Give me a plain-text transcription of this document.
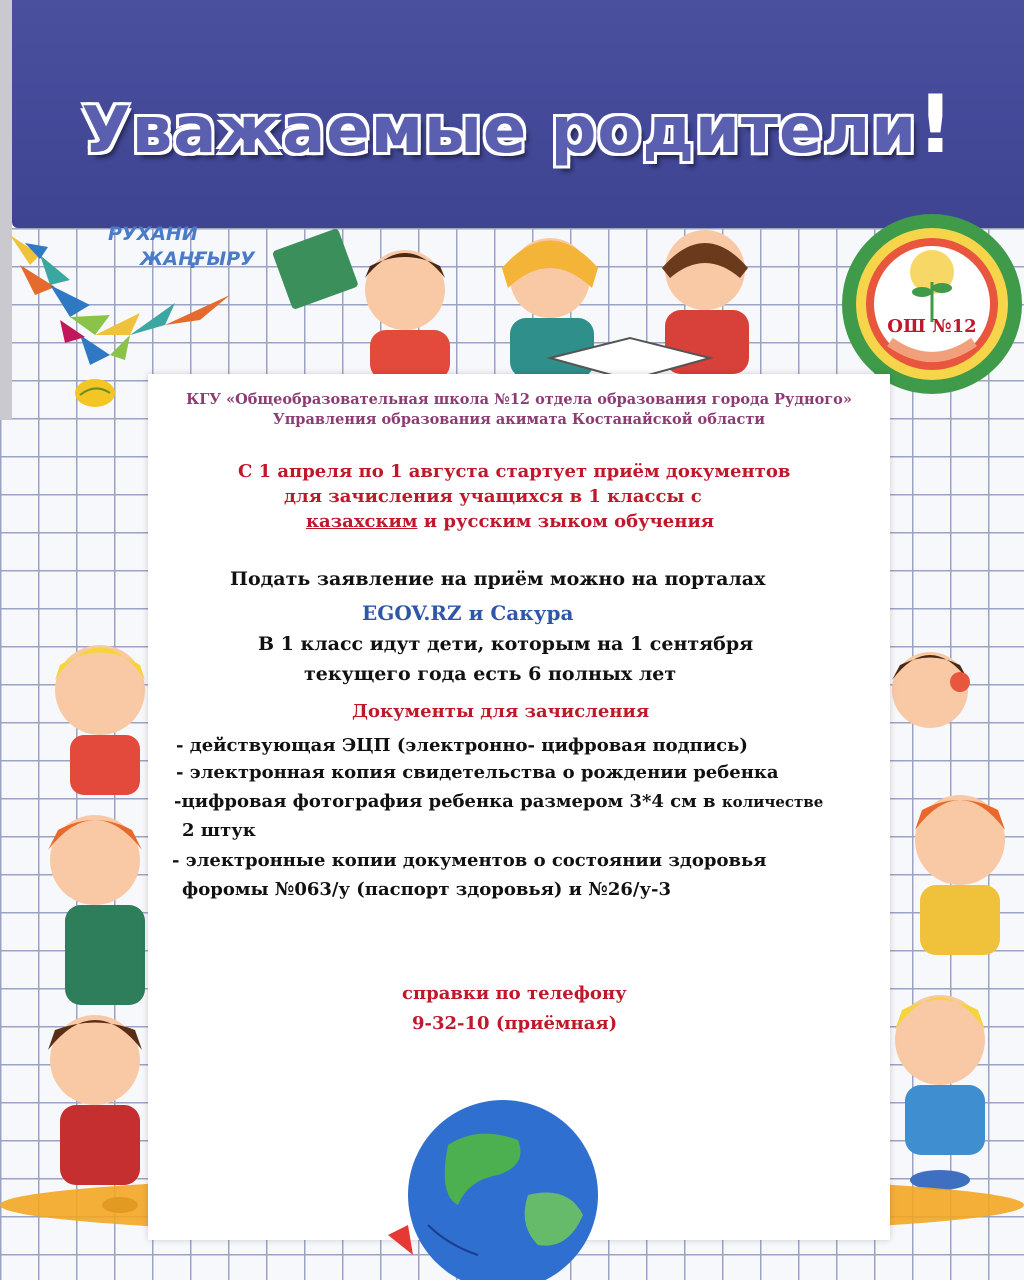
Уважаемые родители!
РУХАНИ
ЖАҢҒЫРУ
ОШ №12
КГУ «Общеобразовательная школа №12 отдела образования города Рудного»
Управления образования акимата Костанайской области
С 1 апреля по 1 августа стартует приём документов
для зачисления учащихся в 1 классы с
казахским и русским зыком обучения
Подать заявление на приём можно на порталах
EGOV.RZ и Сакура
В 1 класс идут дети, которым на 1 сентября
текущего года есть 6 полных лет
Документы для зачисления
- действующая ЭЦП (электронно- цифровая подпись)
- электронная копия свидетельства о рождении ребенка
-цифровая фотография ребенка размером 3*4 см в количестве
2 штук
- электронные копии документов о состоянии здоровья
форомы №063/у (паспорт здоровья) и №26/у-3
справки по телефону
9-32-10 (приёмная)
